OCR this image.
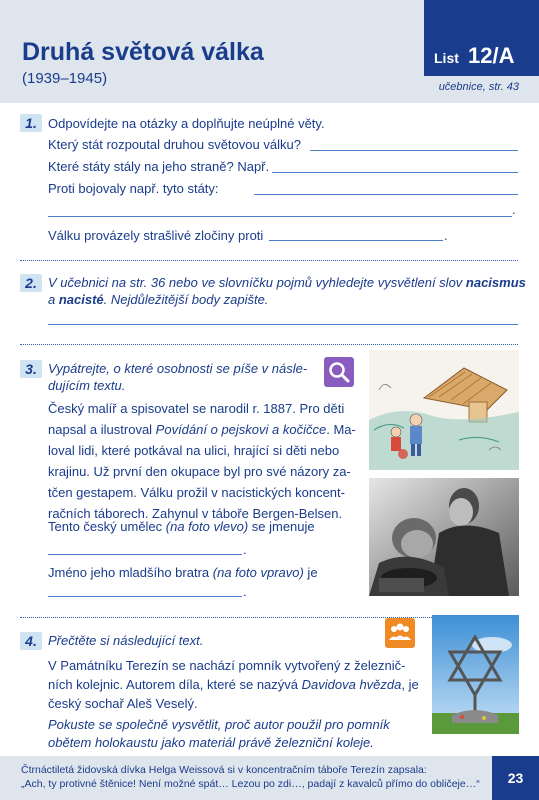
Druhá světová válka
(1939–1945)
List 12/A
učebnice, str. 43
1. Odpovídejte na otázky a doplňujte neúplné věty.
Který stát rozpoutal druhou světovou válku?
Které státy stály na jeho straně? Např.
Proti bojovaly např. tyto státy:
.
Válku provázely strašlivé zločiny proti	.
2. V učebnici na str. 36 nebo ve slovníčku pojmů vyhledejte vysvětlení slov nacismus
a nacisté. Nejdůležitější body zapište.
3. Vypátrejte, o které osobnosti se píše v násle-
dujícím textu.
Český malíř a spisovatel se narodil r. 1887. Pro děti
napsal a ilustroval Povídání o pejskovi a kočičce. Ma-
loval lidi, které potkával na ulici, hrající si děti nebo
krajinu. Už první den okupace byl pro své názory za-
tčen gestapem. Válku prožil v nacistických koncent-
račních táborech. Zahynul v táboře Bergen-Belsen.
Tento český umělec (na foto vlevo) se jmenuje
.
Jméno jeho mladšího bratra (na foto vpravo) je
.
4. Přečtěte si následující text.
V Památníku Terezín se nachází pomník vytvořený z železnič-
ních kolejnic. Autorem díla, které se nazývá Davidova hvězda, je
český sochař Aleš Veselý.
Pokuste se společně vysvětlit, proč autor použil pro pomník
obětem holokaustu jako materiál právě železniční koleje.
Čtrnáctiletá židovská dívka Helga Weissová si v koncentračním táboře Terezín zapsala:
„Ach, ty protivné štěnice! Není možné spát… Lezou po zdi…, padají z kavalců přímo do obličeje…“	23
